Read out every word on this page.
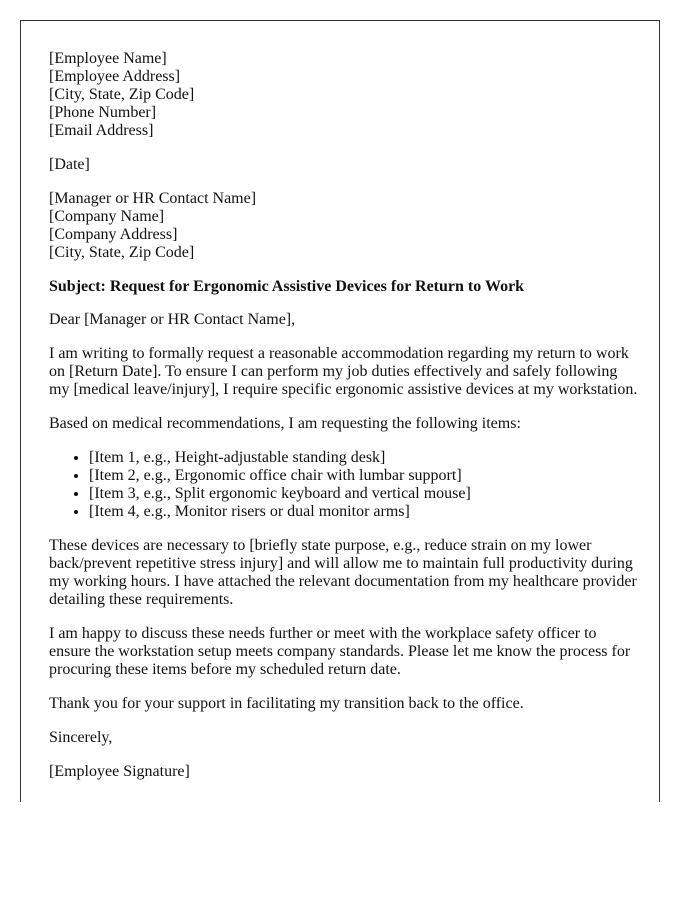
[Employee Name]
[Employee Address]
[City, State, Zip Code]
[Phone Number]
[Email Address]
[Date]
[Manager or HR Contact Name]
[Company Name]
[Company Address]
[City, State, Zip Code]

Subject: Request for Ergonomic Assistive Devices for Return to Work

Dear [Manager or HR Contact Name],

I am writing to formally request a reasonable accommodation regarding my return to work on [Return Date]. To ensure I can perform my job duties effectively and safely following my [medical leave/injury], I require specific ergonomic assistive devices at my workstation.

Based on medical recommendations, I am requesting the following items:

• [Item 1, e.g., Height-adjustable standing desk]
• [Item 2, e.g., Ergonomic office chair with lumbar support]
• [Item 3, e.g., Split ergonomic keyboard and vertical mouse]
• [Item 4, e.g., Monitor risers or dual monitor arms]

These devices are necessary to [briefly state purpose, e.g., reduce strain on my lower back/prevent repetitive stress injury] and will allow me to maintain full productivity during my working hours. I have attached the relevant documentation from my healthcare provider detailing these requirements.

I am happy to discuss these needs further or meet with the workplace safety officer to ensure the workstation setup meets company standards. Please let me know the process for procuring these items before my scheduled return date.

Thank you for your support in facilitating my transition back to the office.

Sincerely,

[Employee Signature]
